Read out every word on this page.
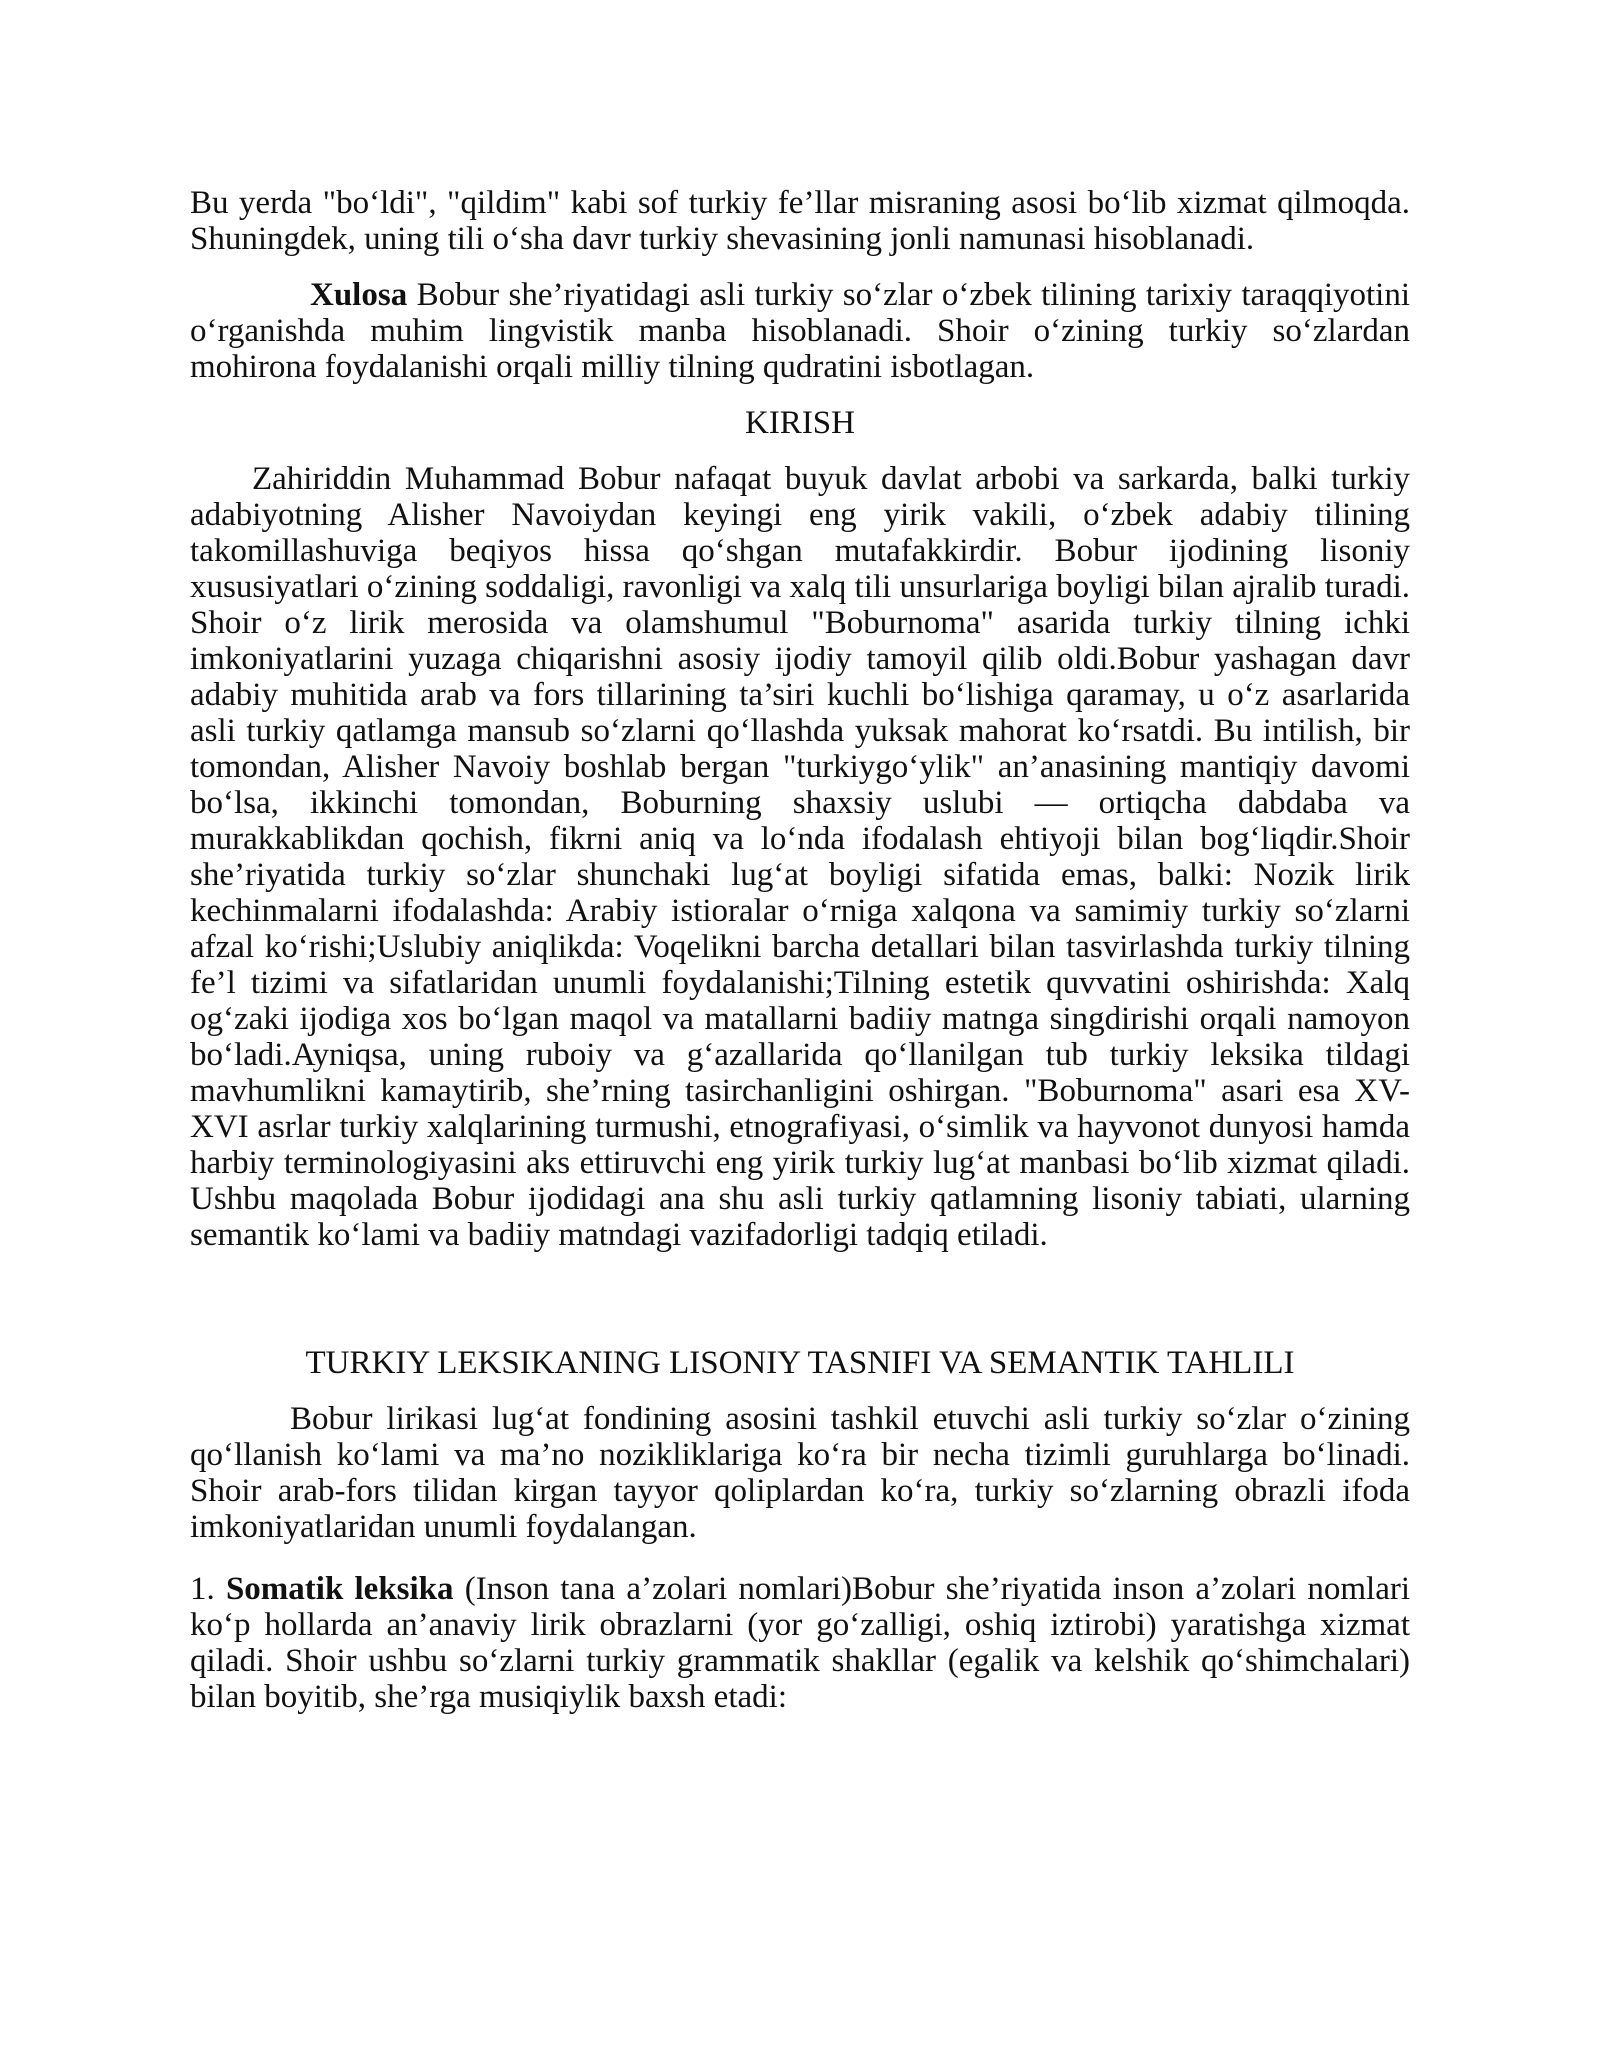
Bu yerda "bo‘ldi", "qildim" kabi sof turkiy fe’llar misraning asosi bo‘lib xizmat qilmoqda. Shuningdek, uning tili o‘sha davr turkiy shevasining jonli namunasi hisoblanadi.

Xulosa Bobur she’riyatidagi asli turkiy so‘zlar o‘zbek tilining tarixiy taraqqiyotini o‘rganishda muhim lingvistik manba hisoblanadi. Shoir o‘zining turkiy so‘zlardan mohirona foydalanishi orqali milliy tilning qudratini isbotlagan.

KIRISH

Zahiriddin Muhammad Bobur nafaqat buyuk davlat arbobi va sarkarda, balki turkiy adabiyotning Alisher Navoiydan keyingi eng yirik vakili, o‘zbek adabiy tilining takomillashuviga beqiyos hissa qo‘shgan mutafakkirdir. Bobur ijodining lisoniy xususiyatlari o‘zining soddaligi, ravonligi va xalq tili unsurlariga boyligi bilan ajralib turadi. Shoir o‘z lirik merosida va olamshumul "Boburnoma" asarida turkiy tilning ichki imkoniyatlarini yuzaga chiqarishni asosiy ijodiy tamoyil qilib oldi.Bobur yashagan davr adabiy muhitida arab va fors tillarining ta’siri kuchli bo‘lishiga qaramay, u o‘z asarlarida asli turkiy qatlamga mansub so‘zlarni qo‘llashda yuksak mahorat ko‘rsatdi. Bu intilish, bir tomondan, Alisher Navoiy boshlab bergan "turkiygo‘ylik" an’anasining mantiqiy davomi bo‘lsa, ikkinchi tomondan, Boburning shaxsiy uslubi — ortiqcha dabdaba va murakkablikdan qochish, fikrni aniq va lo‘nda ifodalash ehtiyoji bilan bog‘liqdir.Shoir she’riyatida turkiy so‘zlar shunchaki lug‘at boyligi sifatida emas, balki: Nozik lirik kechinmalarni ifodalashda: Arabiy istioralar o‘rniga xalqona va samimiy turkiy so‘zlarni afzal ko‘rishi;Uslubiy aniqlikda: Voqelikni barcha detallari bilan tasvirlashda turkiy tilning fe’l tizimi va sifatlaridan unumli foydalanishi;Tilning estetik quvvatini oshirishda: Xalq og‘zaki ijodiga xos bo‘lgan maqol va matallarni badiiy matnga singdirishi orqali namoyon bo‘ladi.Ayniqsa, uning ruboiy va g‘azallarida qo‘llanilgan tub turkiy leksika tildagi mavhumlikni kamaytirib, she’rning tasirchanligini oshirgan. "Boburnoma" asari esa XV-XVI asrlar turkiy xalqlarining turmushi, etnografiyasi, o‘simlik va hayvonot dunyosi hamda harbiy terminologiyasini aks ettiruvchi eng yirik turkiy lug‘at manbasi bo‘lib xizmat qiladi. Ushbu maqolada Bobur ijodidagi ana shu asli turkiy qatlamning lisoniy tabiati, ularning semantik ko‘lami va badiiy matndagi vazifadorligi tadqiq etiladi.

TURKIY LEKSIKANING LISONIY TASNIFI VA SEMANTIK TAHLILI

Bobur lirikasi lug‘at fondining asosini tashkil etuvchi asli turkiy so‘zlar o‘zining qo‘llanish ko‘lami va ma’no nozikliklariga ko‘ra bir necha tizimli guruhlarga bo‘linadi. Shoir arab-fors tilidan kirgan tayyor qoliplardan ko‘ra, turkiy so‘zlarning obrazli ifoda imkoniyatlaridan unumli foydalangan.

1. Somatik leksika (Inson tana a’zolari nomlari)Bobur she’riyatida inson a’zolari nomlari ko‘p hollarda an’anaviy lirik obrazlarni (yor go‘zalligi, oshiq iztirobi) yaratishga xizmat qiladi. Shoir ushbu so‘zlarni turkiy grammatik shakllar (egalik va kelshik qo‘shimchalari) bilan boyitib, she’rga musiqiylik baxsh etadi:
